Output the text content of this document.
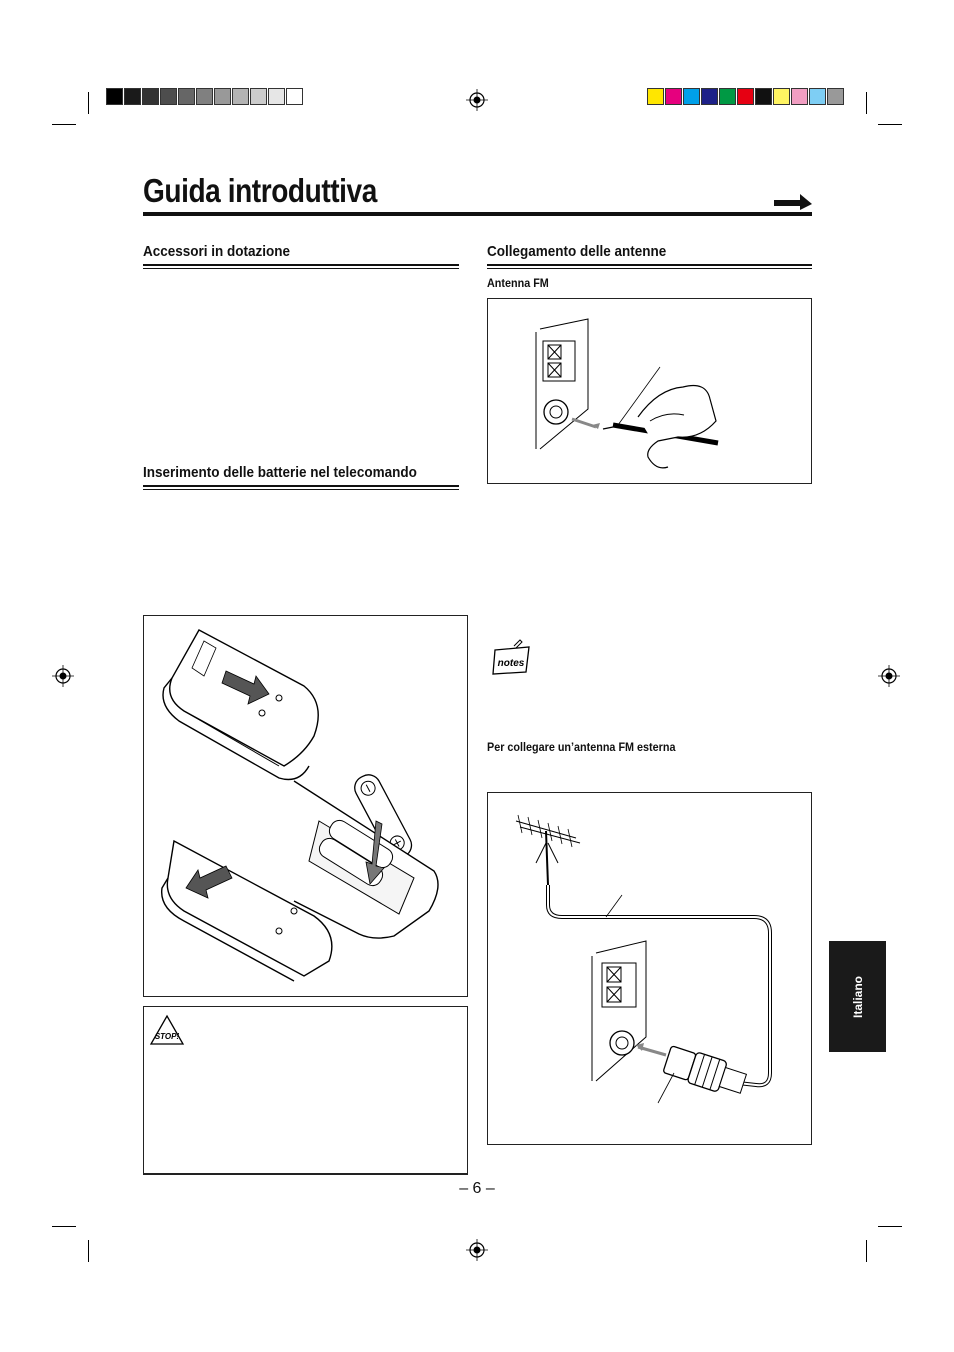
Guida introduttiva
Accessori in dotazione
Inserimento delle batterie nel telecomando
STOP!
Collegamento delle antenne
Antenna FM
notes
Per collegare un’antenna FM esterna
Italiano
– 6 –
